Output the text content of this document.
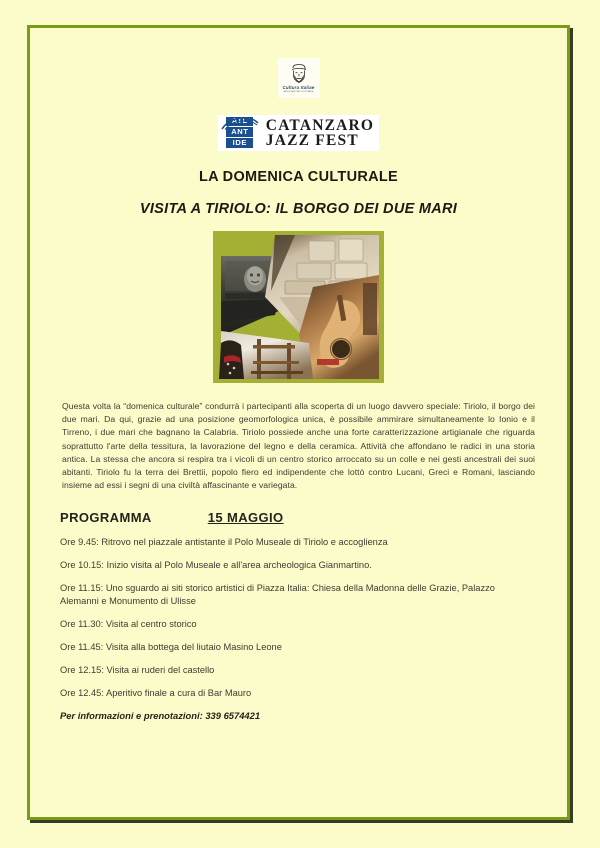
Cultura Italiae
ASSOCIAZIONE CULTURALE
ATL
ANT
IDE
CATANZARO
JAZZ FEST
LA DOMENICA CULTURALE
VISITA A TIRIOLO: IL BORGO DEI DUE MARI
Questa volta la “domenica culturale” condurrà i partecipanti alla scoperta di un luogo davvero speciale: Tiriolo, il borgo dei due mari. Da qui, grazie ad una posizione geomorfologica unica, è possibile ammirare simultaneamente lo Ionio e il Tirreno, i due mari che bagnano la Calabria. Tiriolo possiede anche una forte caratterizzazione artigianale che riguarda soprattutto l'arte della tessitura, la lavorazione del legno e della ceramica. Attività che affondano le radici in una storia antica. La stessa che ancora si respira tra i vicoli di un centro storico arroccato su un colle e nei gesti ancestrali dei suoi abitanti. Tiriolo fu la terra dei Brettii, popolo fiero ed indipendente che lottò contro Lucani, Greci e Romani, lasciando insieme ad essi i segni di una civiltà affascinante e variegata.
PROGRAMMA	15 MAGGIO
Ore 9.45: Ritrovo nel piazzale antistante il Polo Museale di Tiriolo e accoglienza
Ore 10.15: Inizio visita al Polo Museale e all'area archeologica Gianmartino.
Ore 11.15: Uno sguardo ai siti storico artistici di Piazza Italia: Chiesa della Madonna delle Grazie, Palazzo Alemanni e Monumento di Ulisse
Ore 11.30: Visita al centro storico
Ore 11.45: Visita alla bottega del liutaio Masino Leone
Ore 12.15: Visita ai ruderi del castello
Ore 12.45: Aperitivo finale a cura di Bar Mauro
Per informazioni e prenotazioni: 339 6574421
